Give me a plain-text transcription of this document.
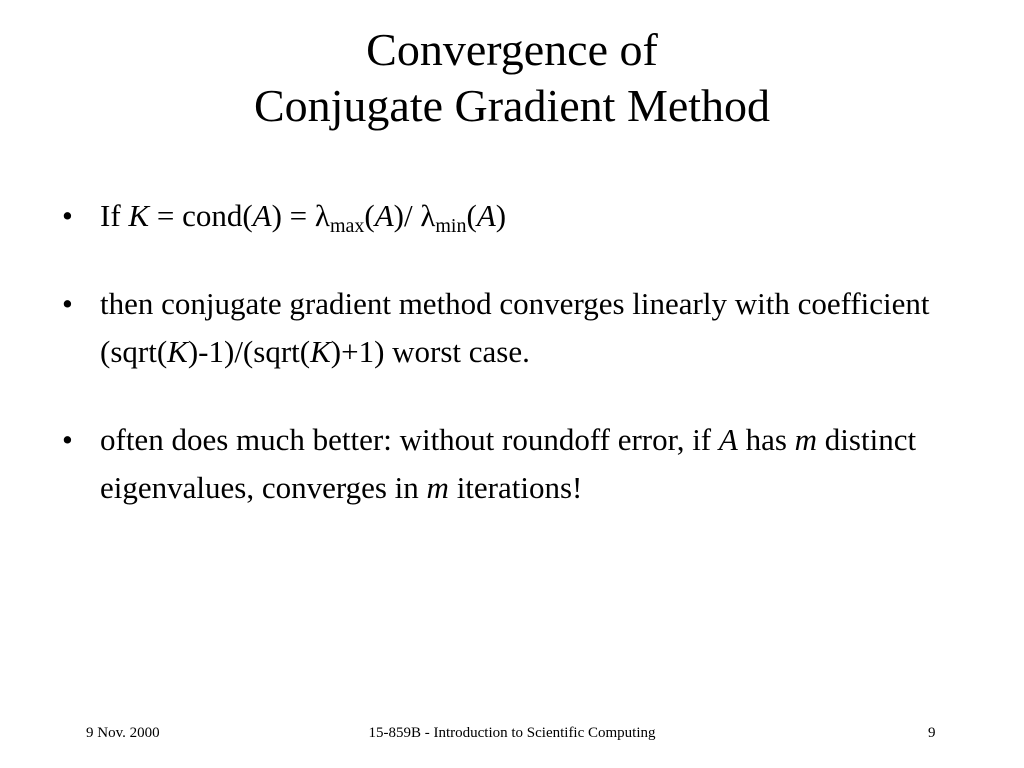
Convergence of
Conjugate Gradient Method
• If K = cond(A) = $\lambda_{max}(A)/$ $\lambda_{min}(A)$
• then conjugate gradient method converges linearly with coefficient (sqrt(K)-1)/(sqrt(K)+1) worst case.
• often does much better: without roundoff error, if A has m distinct eigenvalues, converges in m iterations!
9 Nov. 2000	15-859B - Introduction to Scientific Computing	9
